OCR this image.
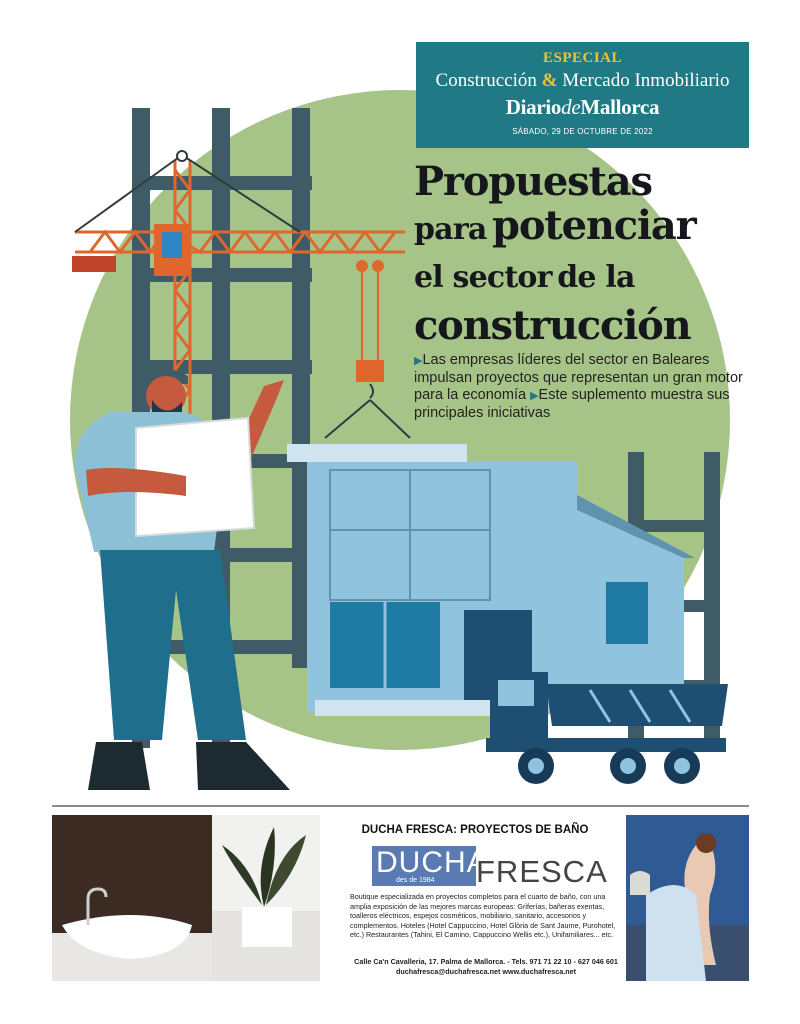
ESPECIAL
Construcción & Mercado Inmobiliario
DiariodeMallorca
SÁBADO, 29 DE OCTUBRE DE 2022
Propuestas
para potenciar
el sector de la
construcción
▶Las empresas líderes del sector en Baleares impulsan proyectos que representan un gran motor para la economía ▶Este suplemento muestra sus principales iniciativas
DUCHA FRESCA: PROYECTOS DE BAÑO
DUCHA
des de 1984 FRESCA
Boutique especializada en proyectos completos para el cuarto de baño, con una amplia exposición de las mejores marcas europeas: Griferías, bañeras exentas, toalleros eléctricos, espejos cosméticos, mobiliario, sanitario, accesorios y complementos. Hoteles (Hotel Cappuccino, Hotel Glòria de Sant Jaume, Purohotel, etc.) Restaurantes (Tahini, El Camino, Cappuccino Wellis etc.), Unifamiliares... etc.
Calle Ca'n Cavalleria, 17. Palma de Mallorca. - Tels. 971 71 22 10 - 627 046 601
duchafresca@duchafresca.net www.duchafresca.net
